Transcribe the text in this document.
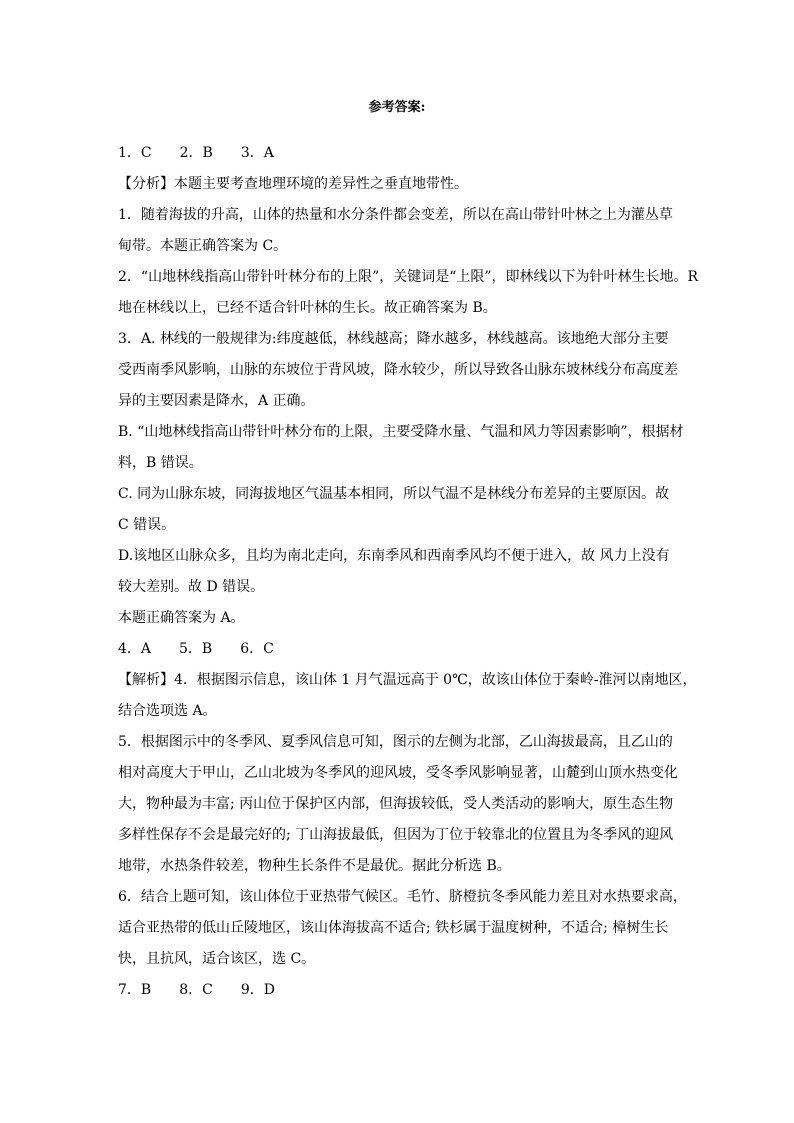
参考答案:
1．C　　2．B　　3．A
【分析】本题主要考查地理环境的差异性之垂直地带性。
1．随着海拔的升高，山体的热量和水分条件都会变差，所以在高山带针叶林之上为灌丛草
甸带。本题正确答案为 C。
2．“山地林线指高山带针叶林分布的上限”，关键词是“上限”，即林线以下为针叶林生长地。R
地在林线以上，已经不适合针叶林的生长。故正确答案为 B。
3．A. 林线的一般规律为:纬度越低，林线越高；降水越多，林线越高。该地绝大部分主要
受西南季风影响，山脉的东坡位于背风坡，降水较少，所以导致各山脉东坡林线分布高度差
异的主要因素是降水，A 正确。
B. “山地林线指高山带针叶林分布的上限，主要受降水量、气温和风力等因素影响”，根据材
料，B 错误。
C. 同为山脉东坡，同海拔地区气温基本相同，所以气温不是林线分布差异的主要原因。故
C 错误。
D.该地区山脉众多，且均为南北走向，东南季风和西南季风均不便于进入，故 风力上没有
较大差别。故 D 错误。
本题正确答案为 A。
4．A　　5．B　　6．C
【解析】4．根据图示信息，该山体 1 月气温远高于 0℃，故该山体位于秦岭-淮河以南地区，
结合选项选 A。
5．根据图示中的冬季风、夏季风信息可知，图示的左侧为北部，乙山海拔最高，且乙山的
相对高度大于甲山，乙山北坡为冬季风的迎风坡，受冬季风影响显著，山麓到山顶水热变化
大，物种最为丰富; 丙山位于保护区内部，但海拔较低，受人类活动的影响大，原生态生物
多样性保存不会是最完好的; 丁山海拔最低，但因为丁位于较靠北的位置且为冬季风的迎风
地带，水热条件较差，物种生长条件不是最优。据此分析选 B。
6．结合上题可知，该山体位于亚热带气候区。毛竹、脐橙抗冬季风能力差且对水热要求高，
适合亚热带的低山丘陵地区，该山体海拔高不适合; 铁杉属于温度树种，不适合; 樟树生长
快，且抗风，适合该区，选 C。
7．B　　8．C　　9．D
